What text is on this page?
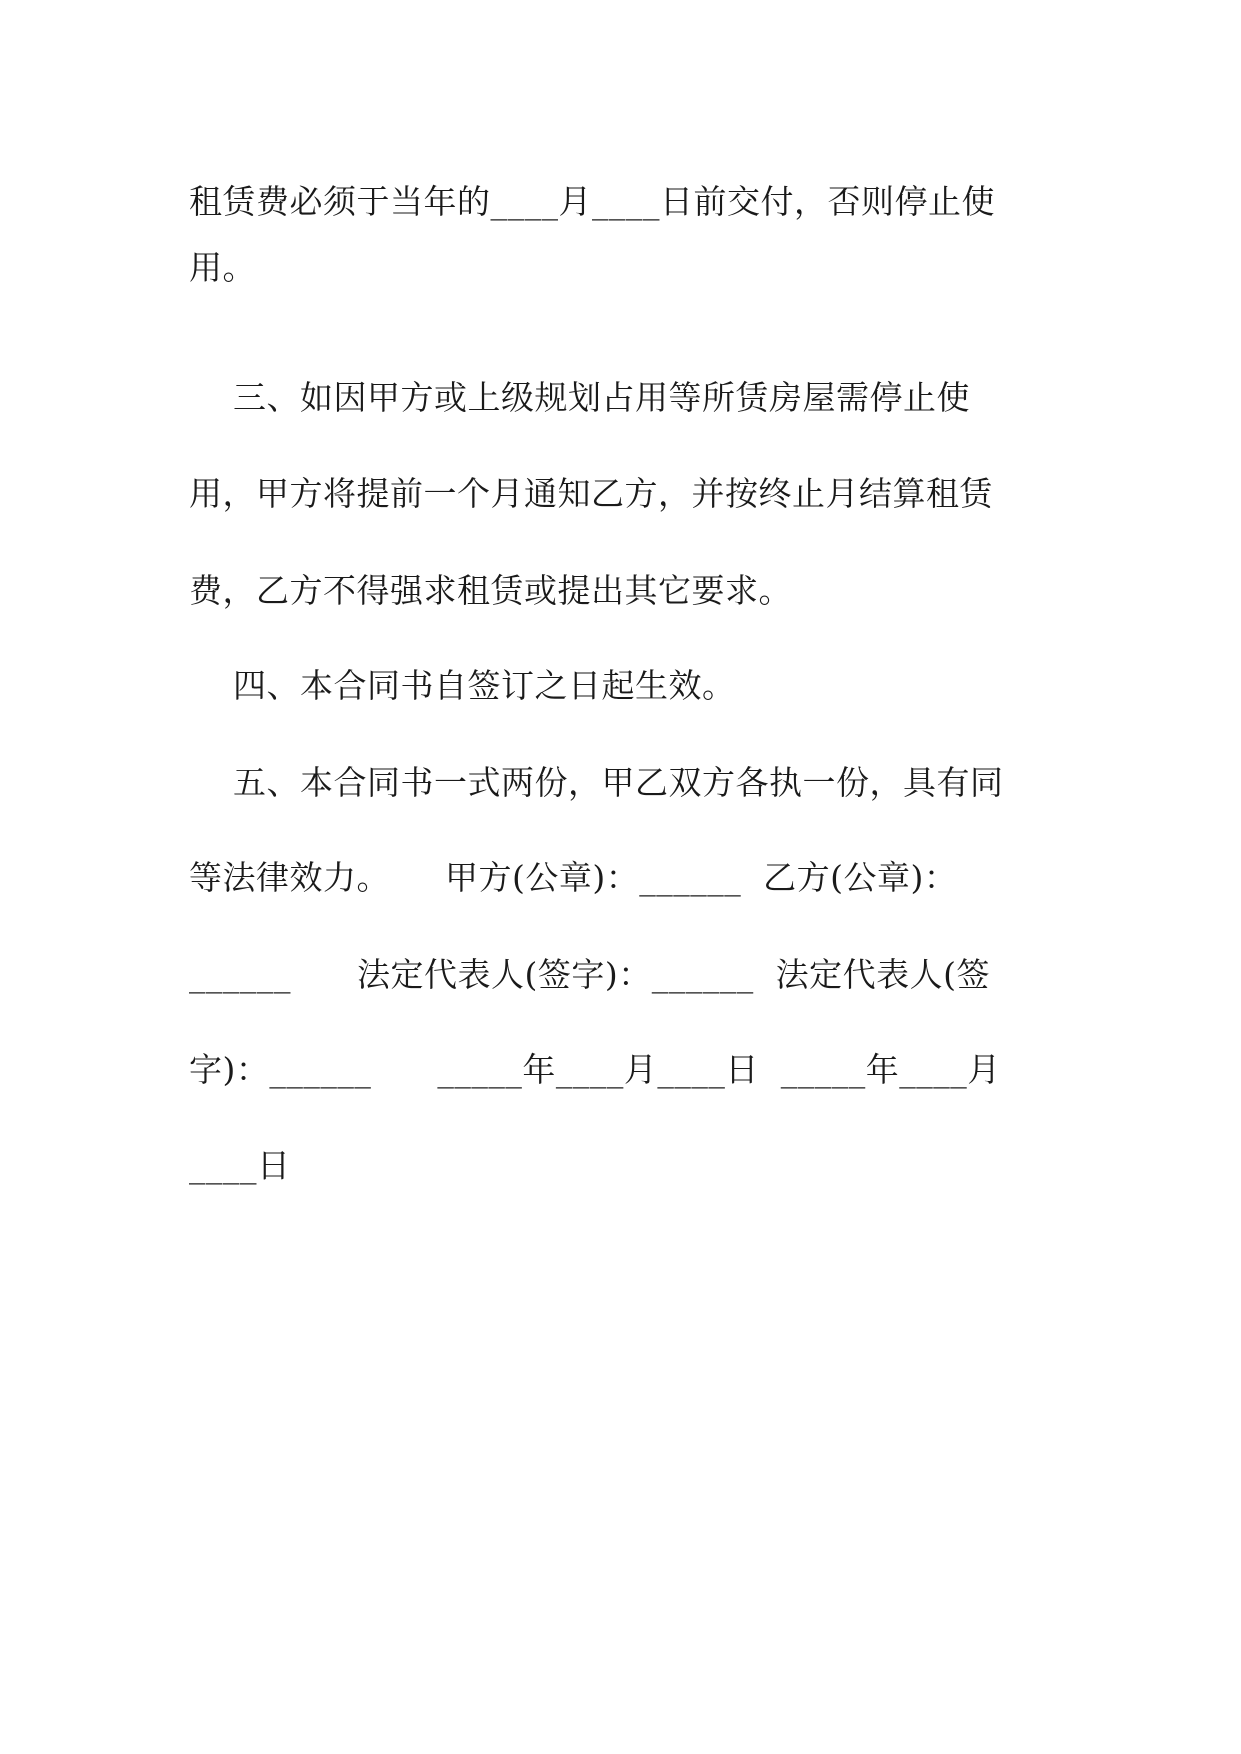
租赁费必须于当年的____月____日前交付，否则停止使

用。

三、如因甲方或上级规划占用等所赁房屋需停止使

用，甲方将提前一个月通知乙方，并按终止月结算租赁

费，乙方不得强求租赁或提出其它要求。

四、本合同书自签订之日起生效。

五、本合同书一式两份，甲乙双方各执一份，具有同

等法律效力。     甲方(公章)：______  乙方(公章)：

______      法定代表人(签字)：______  法定代表人(签

字)：______      _____年____月____日  _____年____月

____日
